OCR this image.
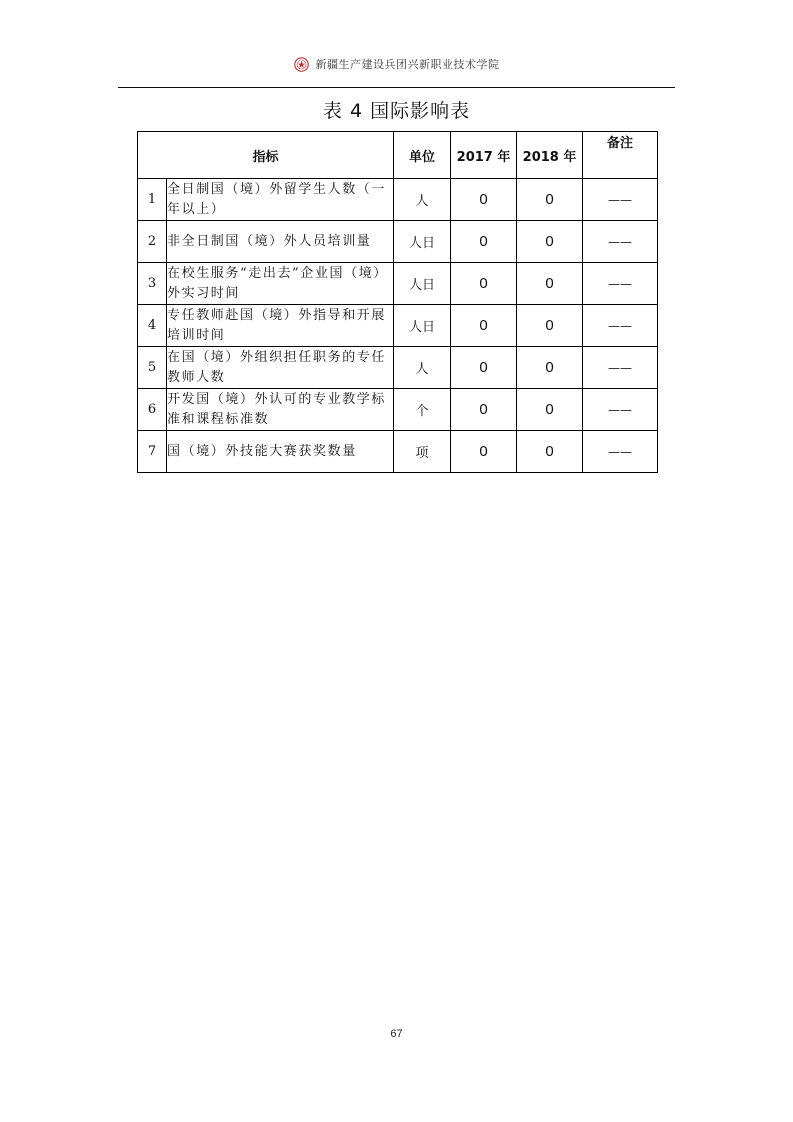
新疆生产建设兵团兴新职业技术学院
表 4 国际影响表
指标		单位	2017 年	2018 年	备注
1	全日制国（境）外留学生人数（一年以上）	人	0	0	——
2	非全日制国（境）外人员培训量	人日	0	0	——
3	在校生服务“走出去”企业国（境）外实习时间	人日	0	0	——
4	专任教师赴国（境）外指导和开展培训时间	人日	0	0	——
5	在国（境）外组织担任职务的专任教师人数	人	0	0	——
6	开发国（境）外认可的专业教学标准和课程标准数	个	0	0	——
7	国（境）外技能大赛获奖数量	项	0	0	——
67
